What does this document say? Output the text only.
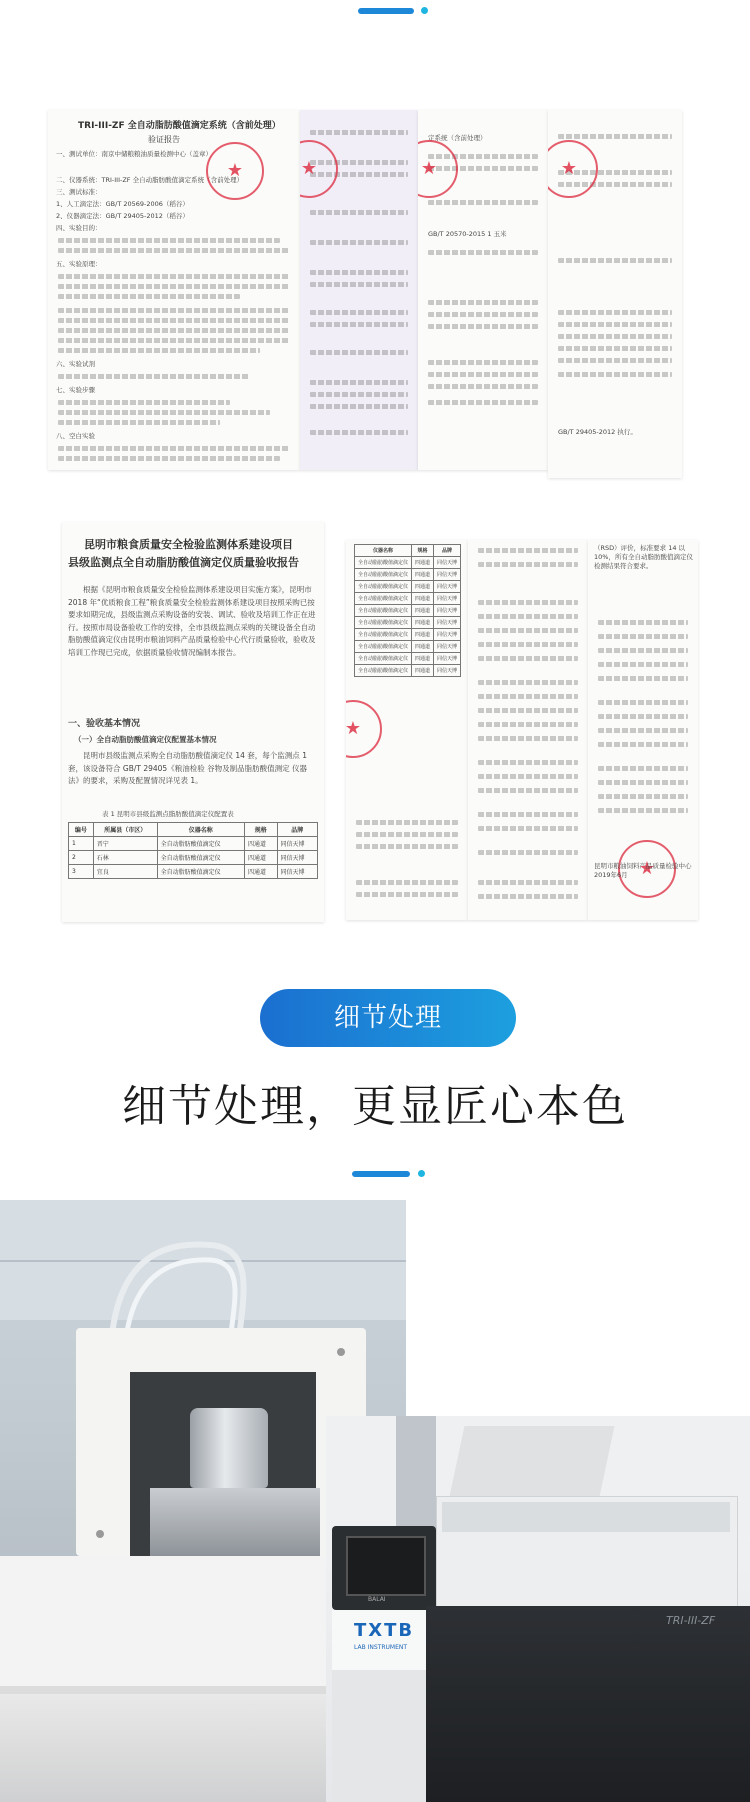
TRI-III-ZF 全自动脂肪酸值滴定系统（含前处理）
验证报告
一、测试单位：南京中储粮粮油质量检测中心（盖章）
二、仪器系统：TRI-III-ZF 全自动脂肪酸值滴定系统（含前处理）
三、测试标准：
1、人工滴定法：GB/T 20569-2006（稻谷）
2、仪器滴定法：GB/T 29405-2012（稻谷）
四、实验目的：
五、实验原理：
六、实验试剂
七、实验步骤
八、空白实验
★
★
定系统（含前处理）
GB/T 20570-2015 1 玉米
★
GB/T 29405-2012 执行。
★
昆明市粮食质量安全检验监测体系建设项目
县级监测点全自动脂肪酸值滴定仪质量验收报告
根据《昆明市粮食质量安全检验监测体系建设项目实施方案》，昆明市 2018 年“优质粮食工程”粮食质量安全检验监测体系建设项目按照采购已按要求如期完成，县级监测点采购设备的安装、调试、验收及培训工作正在进行。按照市局设备验收工作的安排，全市县级监测点采购的关键设备全自动脂肪酸值滴定仪由昆明市粮油饲料产品质量检验中心代行质量验收，验收及培训工作现已完成，依据质量验收情况编制本报告。
一、验收基本情况
（一）全自动脂肪酸值滴定仪配置基本情况
昆明市县级监测点采购全自动脂肪酸值滴定仪 14 套，每个监测点 1 套，该设备符合 GB/T 29405《粮油检验 谷物及制品脂肪酸值测定 仪器法》的要求，采购及配置情况详见表 1。
表 1 昆明市县级监测点脂肪酸值滴定仪配置表
编号	所属县（市区）	仪器名称	规格	品牌
1	晋宁	全自动脂肪酸值滴定仪	四通道	同信天博
2	石林	全自动脂肪酸值滴定仪	四通道	同信天博
3	宜良	全自动脂肪酸值滴定仪	四通道	同信天博
仪器名称	规格	品牌
全自动脂肪酸值滴定仪	四通道	同信天博
全自动脂肪酸值滴定仪	四通道	同信天博
全自动脂肪酸值滴定仪	四通道	同信天博
全自动脂肪酸值滴定仪	四通道	同信天博
全自动脂肪酸值滴定仪	四通道	同信天博
全自动脂肪酸值滴定仪	四通道	同信天博
全自动脂肪酸值滴定仪	四通道	同信天博
全自动脂肪酸值滴定仪	四通道	同信天博
全自动脂肪酸值滴定仪	四通道	同信天博
全自动脂肪酸值滴定仪	四通道	同信天博
★
（RSD）评价，标准要求 14 以 10%，所有全自动脂肪酸值滴定仪检测结果符合要求。
★
昆明市粮油饲料产品质量检验中心 2019年6月
细节处理
细节处理，更显匠心本色
BALAI
TXTB
LAB INSTRUMENT
TRI-III-ZF
